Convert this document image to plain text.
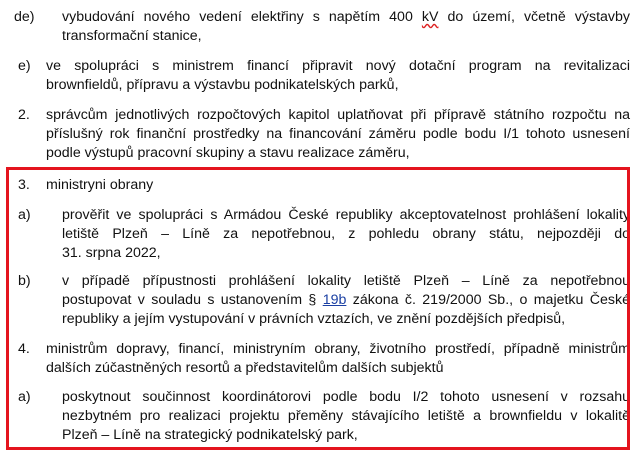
de) vybudování nového vedení elektřiny s napětím 400 kV do území, včetně výstavby
transformační stanice,
e) ve spolupráci s ministrem financí připravit nový dotační program na revitalizaci
brownfieldů, přípravu a výstavbu podnikatelských parků,
2. správcům jednotlivých rozpočtových kapitol uplatňovat při přípravě státního rozpočtu na
příslušný rok finanční prostředky na financování záměru podle bodu I/1 tohoto usnesení
podle výstupů pracovní skupiny a stavu realizace záměru,
3. ministryni obrany
a) prověřit ve spolupráci s Armádou České republiky akceptovatelnost prohlášení lokality
letiště Plzeň – Líně za nepotřebnou, z pohledu obrany státu, nejpozději do
31. srpna 2022,
b) v případě přípustnosti prohlášení lokality letiště Plzeň – Líně za nepotřebnou
postupovat v souladu s ustanovením § 19b zákona č. 219/2000 Sb., o majetku České
republiky a jejím vystupování v právních vztazích, ve znění pozdějších předpisů,
4. ministrům dopravy, financí, ministryním obrany, životního prostředí, případně ministrům
dalších zúčastněných resortů a představitelům dalších subjektů
a) poskytnout součinnost koordinátorovi podle bodu I/2 tohoto usnesení v rozsahu
nezbytném pro realizaci projektu přeměny stávajícího letiště a brownfieldu v lokalitě
Plzeň – Líně na strategický podnikatelský park,
